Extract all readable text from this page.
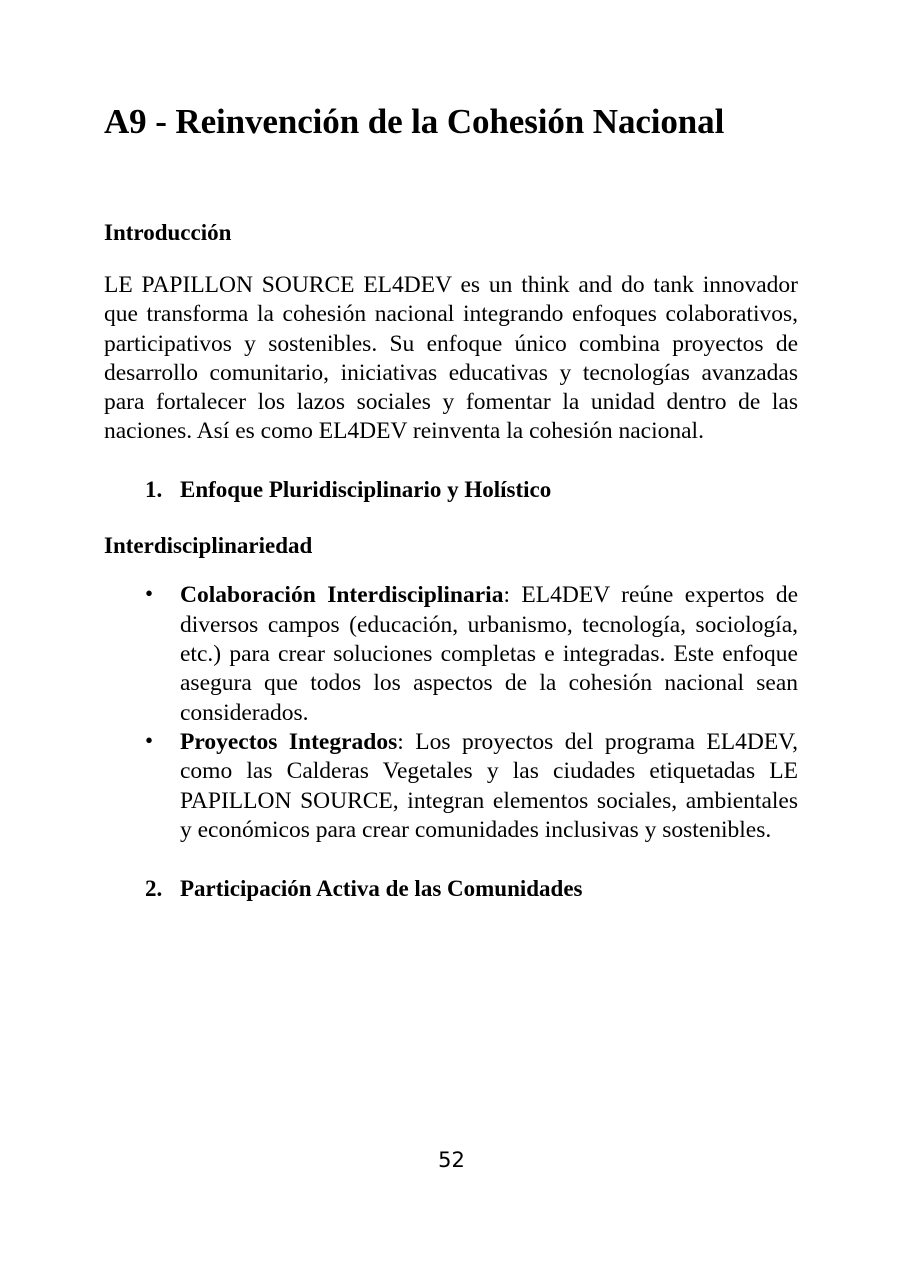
A9 - Reinvención de la Cohesión Nacional
Introducción

LE PAPILLON SOURCE EL4DEV es un think and do tank innovador que transforma la cohesión nacional integrando enfoques colaborativos, participativos y sostenibles. Su enfoque único combina proyectos de desarrollo comunitario, iniciativas educativas y tecnologías avanzadas para fortalecer los lazos sociales y fomentar la unidad dentro de las naciones. Así es como EL4DEV reinventa la cohesión nacional.

1. Enfoque Pluridisciplinario y Holístico
Interdisciplinariedad
• Colaboración Interdisciplinaria: EL4DEV reúne expertos de diversos campos (educación, urbanismo, tecnología, sociología, etc.) para crear soluciones completas e integradas. Este enfoque asegura que todos los aspectos de la cohesión nacional sean considerados.
• Proyectos Integrados: Los proyectos del programa EL4DEV, como las Calderas Vegetales y las ciudades etiquetadas LE PAPILLON SOURCE, integran elementos sociales, ambientales y económicos para crear comunidades inclusivas y sostenibles.
2. Participación Activa de las Comunidades
52
